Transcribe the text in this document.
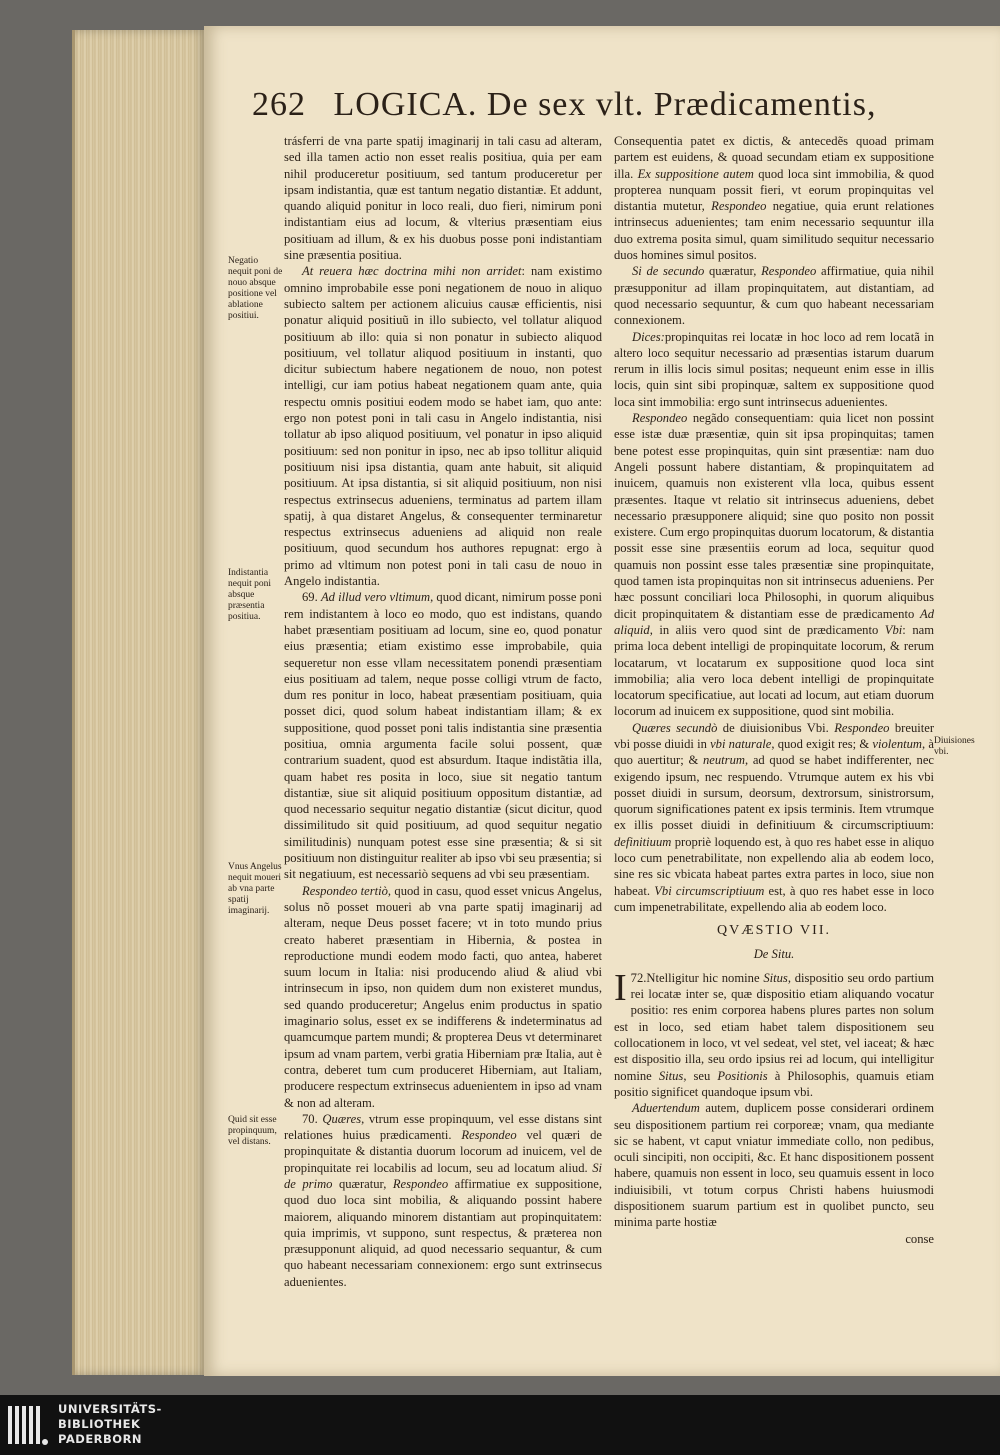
262 LOGICA. De sex vlt. Prædicamentis,
Negatio nequit poni de nouo absque positione vel ablatione positiui.
Indistantia nequit poni absque præsentia positiua.
Vnus Angelus nequit moueri ab vna parte spatij imaginarij.
Quid sit esse propinquum, vel distans.
Diuisiones vbi.

trásferri de vna parte spatij imaginarij in tali casu ad alteram, sed illa tamen actio non esset realis positiua, quia per eam nihil produceretur positiuum, sed tantum produceretur per ipsam indistantia, quæ est tantum negatio distantiæ. Et addunt, quando aliquid ponitur in loco reali, duo fieri, nimirum poni indistantiam eius ad locum, & vlterius præsentiam eius positiuam ad illum, & ex his duobus posse poni indistantiam sine præsentia positiua.

At reuera hæc doctrina mihi non arridet: nam existimo omnino improbabile esse poni negationem de nouo in aliquo subiecto saltem per actionem alicuius causæ efficientis, nisi ponatur aliquid positiuũ in illo subiecto, vel tollatur aliquod positiuum ab illo: quia si non ponatur in subiecto aliquod positiuum, vel tollatur aliquod positiuum in instanti, quo dicitur subiectum habere negationem de nouo, non potest intelligi, cur iam potius habeat negationem quam ante, quia respectu omnis positiui eodem modo se habet iam, quo ante: ergo non potest poni in tali casu in Angelo indistantia, nisi tollatur ab ipso aliquod positiuum, vel ponatur in ipso aliquid positiuum: sed non ponitur in ipso, nec ab ipso tollitur aliquid positiuum nisi ipsa distantia, quam ante habuit, sit aliquid positiuum. At ipsa distantia, si sit aliquid positiuum, non nisi respectus extrinsecus adueniens, terminatus ad partem illam spatij, à qua distaret Angelus, & consequenter terminaretur respectus extrinsecus adueniens ad aliquid non reale positiuum, quod secundum hos authores repugnat: ergo à primo ad vltimum non potest poni in tali casu de nouo in Angelo indistantia.

69. Ad illud vero vltimum, quod dicant, nimirum posse poni rem indistantem à loco eo modo, quo est indistans, quando habet præsentiam positiuam ad locum, sine eo, quod ponatur eius præsentia; etiam existimo esse improbabile, quia sequeretur non esse vllam necessitatem ponendi præsentiam eius positiuam ad talem, neque posse colligi vtrum de facto, dum res ponitur in loco, habeat præsentiam positiuam, quia posset dici, quod solum habeat indistantiam illam; & ex suppositione, quod posset poni talis indistantia sine præsentia positiua, omnia argumenta facile solui possent, quæ contrarium suadent, quod est absurdum. Itaque indistãtia illa, quam habet res posita in loco, siue sit negatio tantum distantiæ, siue sit aliquid positiuum oppositum distantiæ, ad quod necessario sequitur negatio distantiæ (sicut dicitur, quod dissimilitudo sit quid positiuum, ad quod sequitur negatio similitudinis) nunquam potest esse sine præsentia; & si sit positiuum non distinguitur realiter ab ipso vbi seu præsentia; si sit negatiuum, est necessariò sequens ad vbi seu præsentiam.

Respondeo tertiò, quod in casu, quod esset vnicus Angelus, solus nõ posset moueri ab vna parte spatij imaginarij ad alteram, neque Deus posset facere; vt in toto mundo prius creato haberet præsentiam in Hibernia, & postea in reproductione mundi eodem modo facti, quo antea, haberet suum locum in Italia: nisi producendo aliud & aliud vbi intrinsecum in ipso, non quidem dum non existeret mundus, sed quando produceretur; Angelus enim productus in spatio imaginario solus, esset ex se indifferens & indeterminatus ad quamcumque partem mundi; & propterea Deus vt determinaret ipsum ad vnam partem, verbi gratia Hiberniam præ Italia, aut è contra, deberet tum cum produceret Hiberniam, aut Italiam, producere respectum extrinsecus aduenientem in ipso ad vnam & non ad alteram.

70. Quæres, vtrum esse propinquum, vel esse distans sint relationes huius prædicamenti. Respondeo vel quæri de propinquitate & distantia duorum locorum ad inuicem, vel de propinquitate rei locabilis ad locum, seu ad locatum aliud. Si de primo quæratur, Respondeo affirmatiue ex suppositione, quod duo loca sint mobilia, & aliquando possint habere maiorem, aliquando minorem distantiam aut propinquitatem: quia imprimis, vt suppono, sunt respectus, & præterea non præsupponunt aliquid, ad quod necessario sequantur, & cum quo habeant necessariam connexionem: ergo sunt extrinsecus aduenientes.

Consequentia patet ex dictis, & antecedẽs quoad primam partem est euidens, & quoad secundam etiam ex suppositione illa. Ex suppositione autem quod loca sint immobilia, & quod propterea nunquam possit fieri, vt eorum propinquitas vel distantia mutetur, Respondeo negatiue, quia erunt relationes intrinsecus aduenientes; tam enim necessario sequuntur illa duo extrema posita simul, quam similitudo sequitur necessario duos homines simul positos.

Si de secundo quæratur, Respondeo affirmatiue, quia nihil præsupponitur ad illam propinquitatem, aut distantiam, ad quod necessario sequuntur, & cum quo habeant necessariam connexionem.

Dices:propinquitas rei locatæ in hoc loco ad rem locatã in altero loco sequitur necessario ad præsentias istarum duarum rerum in illis locis simul positas; nequeunt enim esse in illis locis, quin sint sibi propinquæ, saltem ex suppositione quod loca sint immobilia: ergo sunt intrinsecus aduenientes.

Respondeo negãdo consequentiam: quia licet non possint esse istæ duæ præsentiæ, quin sit ipsa propinquitas; tamen bene potest esse propinquitas, quin sint præsentiæ: nam duo Angeli possunt habere distantiam, & propinquitatem ad inuicem, quamuis non existerent vlla loca, quibus essent præsentes. Itaque vt relatio sit intrinsecus adueniens, debet necessario præsupponere aliquid; sine quo posito non possit existere. Cum ergo propinquitas duorum locatorum, & distantia possit esse sine præsentiis eorum ad loca, sequitur quod quamuis non possint esse tales præsentiæ sine propinquitate, quod tamen ista propinquitas non sit intrinsecus adueniens. Per hæc possunt conciliari loca Philosophi, in quorum aliquibus dicit propinquitatem & distantiam esse de prædicamento Ad aliquid, in aliis vero quod sint de prædicamento Vbi: nam prima loca debent intelligi de propinquitate locorum, & rerum locatarum, vt locatarum ex suppositione quod loca sint immobilia; alia vero loca debent intelligi de propinquitate locatorum specificatiue, aut locati ad locum, aut etiam duorum locorum ad inuicem ex suppositione, quod sint mobilia.

Quæres secundò de diuisionibus Vbi. Respondeo breuiter vbi posse diuidi in vbi naturale, quod exigit res; & violentum, à quo auertitur; & neutrum, ad quod se habet indifferenter, nec exigendo ipsum, nec respuendo. Vtrumque autem ex his vbi posset diuidi in sursum, deorsum, dextrorsum, sinistrorsum, quorum significationes patent ex ipsis terminis. Item vtrumque ex illis posset diuidi in definitiuum & circumscriptiuum: definitiuum propriè loquendo est, à quo res habet esse in aliquo loco cum penetrabilitate, non expellendo alia ab eodem loco, sine res sic vbicata habeat partes extra partes in loco, siue non habeat. Vbi circumscriptiuum est, à quo res habet esse in loco cum impenetrabilitate, expellendo alia ab eodem loco.

QVÆSTIO VII.
De Situ.

72.
I Ntelligitur hic nomine Situs, dispositio seu ordo partium rei locatæ inter se, quæ dispositio etiam aliquando vocatur positio: res enim corporea habens plures partes non solum est in loco, sed etiam habet talem dispositionem seu collocationem in loco, vt vel sedeat, vel stet, vel iaceat; & hæc est dispositio illa, seu ordo ipsius rei ad locum, qui intelligitur nomine Situs, seu Positionis à Philosophis, quamuis etiam positio significet quandoque ipsum vbi.

Aduertendum autem, duplicem posse considerari ordinem seu dispositionem partium rei corporeæ; vnam, qua mediante sic se habent, vt caput vniatur immediate collo, non pedibus, oculi sincipiti, non occipiti, &c. Et hanc dispositionem possent habere, quamuis non essent in loco, seu quamuis essent in loco indiuisibili, vt totum corpus Christi habens huiusmodi dispositionem suarum partium est in quolibet puncto, seu minima parte hostiæ

conse

UNIVERSITÄTS-
BIBLIOTHEK
PADERBORN
